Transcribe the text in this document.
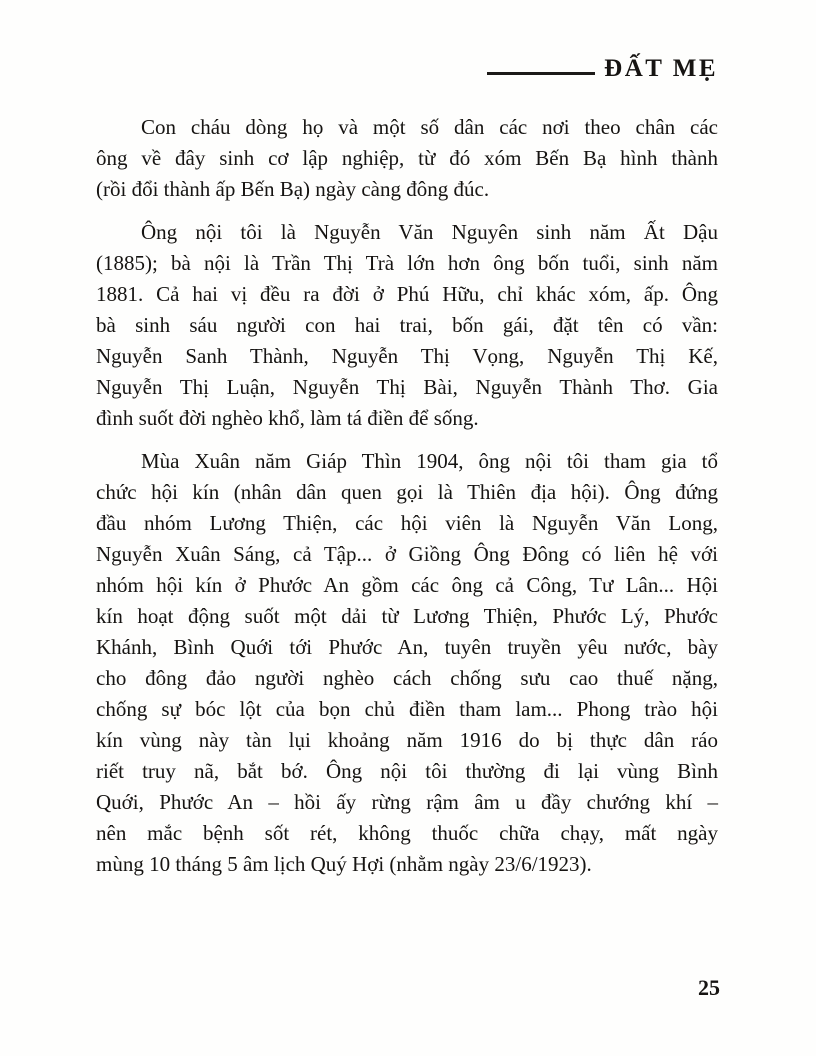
ĐẤT MẸ
Con cháu dòng họ và một số dân các nơi theo chân các
ông về đây sinh cơ lập nghiệp, từ đó xóm Bến Bạ hình thành
(rồi đổi thành ấp Bến Bạ) ngày càng đông đúc.
Ông nội tôi là Nguyễn Văn Nguyên sinh năm Ất Dậu
(1885); bà nội là Trần Thị Trà lớn hơn ông bốn tuổi, sinh năm
1881. Cả hai vị đều ra đời ở Phú Hữu, chỉ khác xóm, ấp. Ông
bà sinh sáu người con hai trai, bốn gái, đặt tên có vần:
Nguyễn Sanh Thành, Nguyễn Thị Vọng, Nguyễn Thị Kế,
Nguyễn Thị Luận, Nguyễn Thị Bài, Nguyễn Thành Thơ. Gia
đình suốt đời nghèo khổ, làm tá điền để sống.
Mùa Xuân năm Giáp Thìn 1904, ông nội tôi tham gia tổ
chức hội kín (nhân dân quen gọi là Thiên địa hội). Ông đứng
đầu nhóm Lương Thiện, các hội viên là Nguyễn Văn Long,
Nguyễn Xuân Sáng, cả Tập... ở Giồng Ông Đông có liên hệ với
nhóm hội kín ở Phước An gồm các ông cả Công, Tư Lân... Hội
kín hoạt động suốt một dải từ Lương Thiện, Phước Lý, Phước
Khánh, Bình Quới tới Phước An, tuyên truyền yêu nước, bày
cho đông đảo người nghèo cách chống sưu cao thuế nặng,
chống sự bóc lột của bọn chủ điền tham lam... Phong trào hội
kín vùng này tàn lụi khoảng năm 1916 do bị thực dân ráo
riết truy nã, bắt bớ. Ông nội tôi thường đi lại vùng Bình
Quới, Phước An – hồi ấy rừng rậm âm u đầy chướng khí –
nên mắc bệnh sốt rét, không thuốc chữa chạy, mất ngày
mùng 10 tháng 5 âm lịch Quý Hợi (nhằm ngày 23/6/1923).
25
